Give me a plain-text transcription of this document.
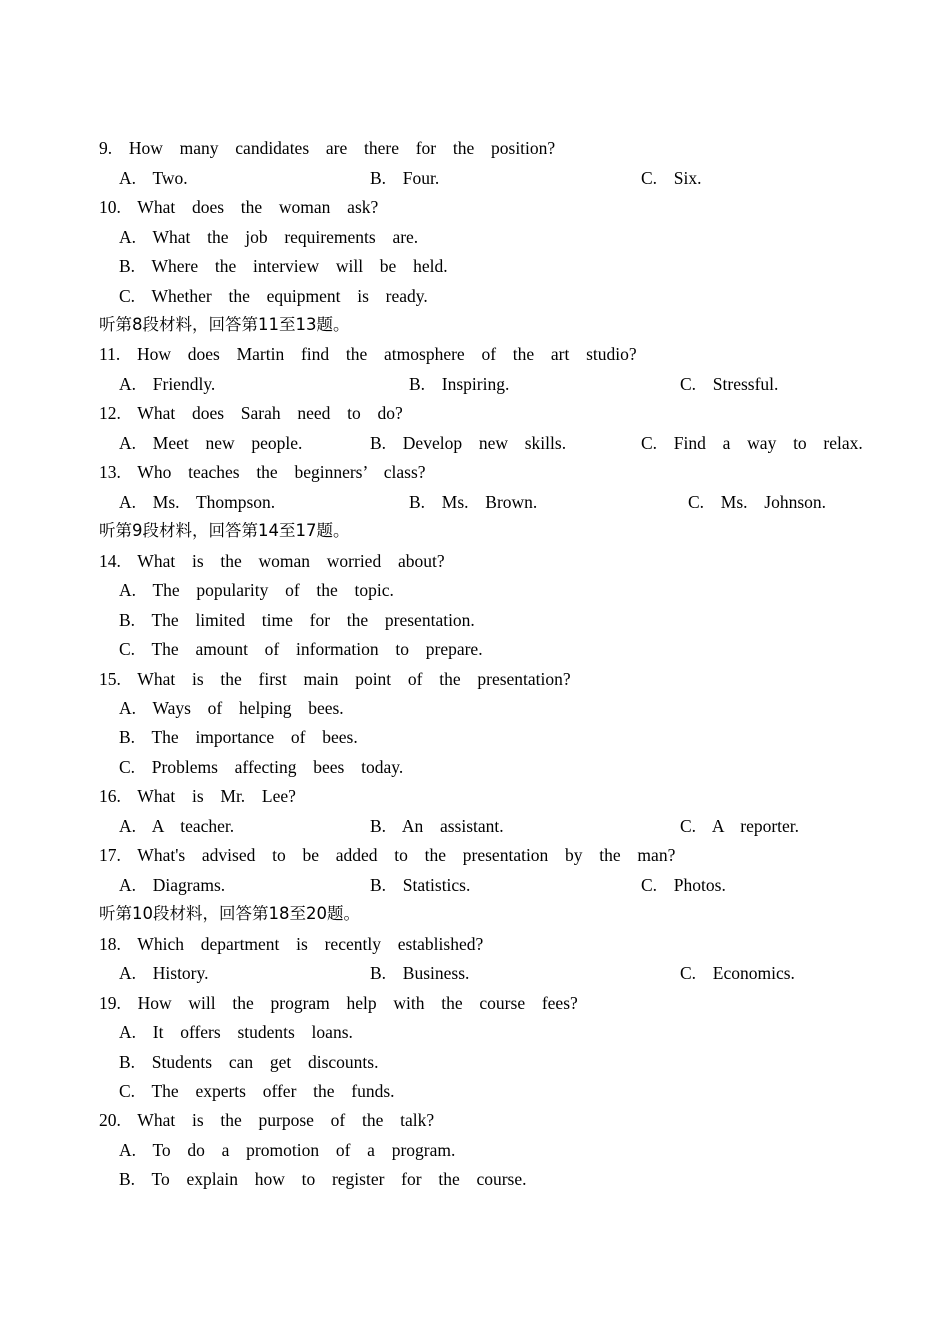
9.  How  many  candidates  are  there  for  the  position?
A.  Two.	B.  Four.	C.  Six.
10.  What  does  the  woman  ask?
A.  What  the  job  requirements  are.
B.  Where  the  interview  will  be  held.
C.  Whether  the  equipment  is  ready.
听第8段材料，回答第11至13题。
11.  How  does  Martin  find  the  atmosphere  of  the  art  studio?
A.  Friendly.	B.  Inspiring.	C.  Stressful.
12.  What  does  Sarah  need  to  do?
A.  Meet  new  people.	B.  Develop  new  skills.	C.  Find  a  way  to  relax.
13.  Who  teaches  the  beginners’  class?
A.  Ms.  Thompson.	B.  Ms.  Brown.	C.  Ms.  Johnson.
听第9段材料，回答第14至17题。
14.  What  is  the  woman  worried  about?
A.  The  popularity  of  the  topic.
B.  The  limited  time  for  the  presentation.
C.  The  amount  of  information  to  prepare.
15.  What  is  the  first  main  point  of  the  presentation?
A.  Ways  of  helping  bees.
B.  The  importance  of  bees.
C.  Problems  affecting  bees  today.
16.  What  is  Mr.  Lee?
A.  A  teacher.	B.  An  assistant.	C.  A  reporter.
17.  What's  advised  to  be  added  to  the  presentation  by  the  man?
A.  Diagrams.	B.  Statistics.	C.  Photos.
听第10段材料，回答第18至20题。
18.  Which  department  is  recently  established?
A.  History.	B.  Business.	C.  Economics.
19.  How  will  the  program  help  with  the  course  fees?
A.  It  offers  students  loans.
B.  Students  can  get  discounts.
C.  The  experts  offer  the  funds.
20.  What  is  the  purpose  of  the  talk?
A.  To  do  a  promotion  of  a  program.
B.  To  explain  how  to  register  for  the  course.
